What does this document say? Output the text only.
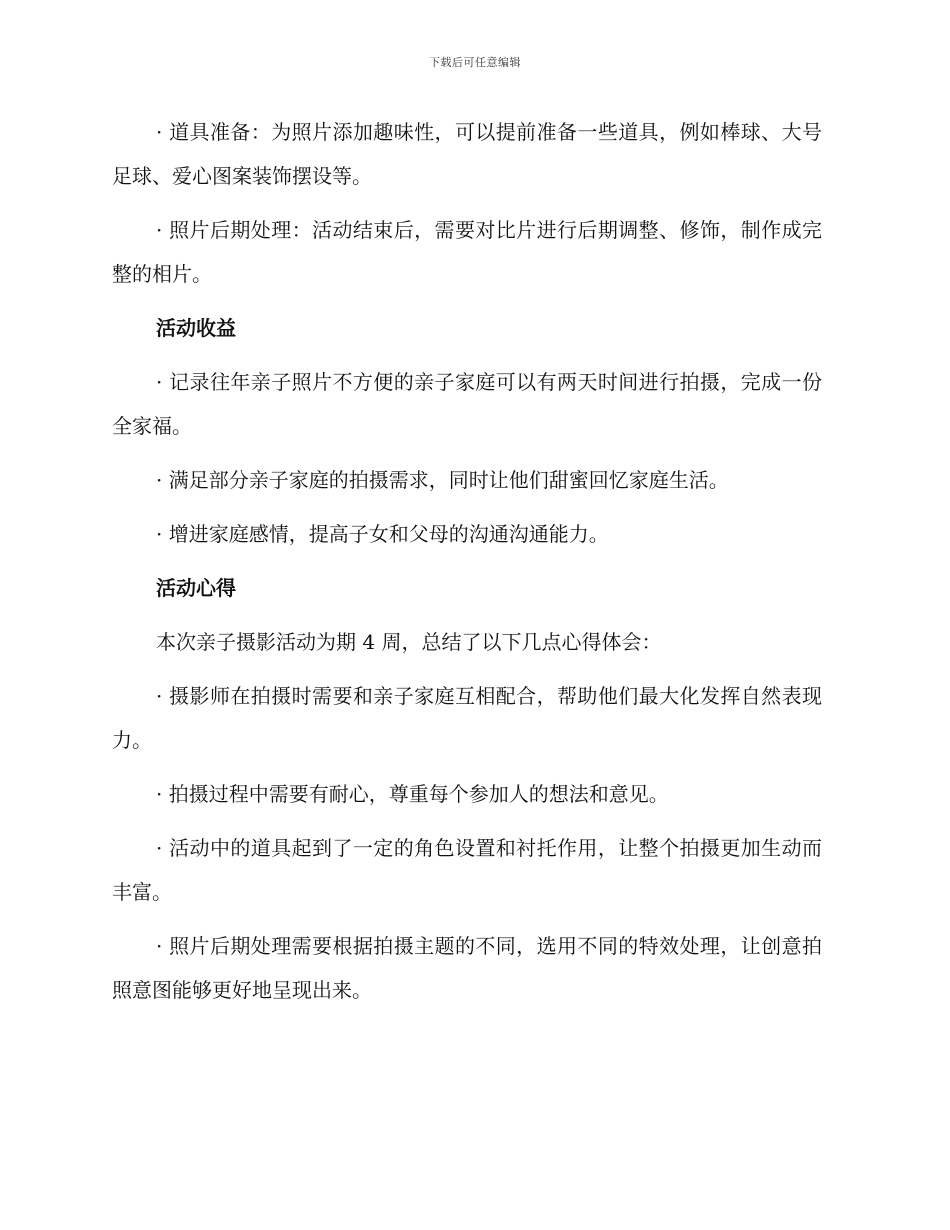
下载后可任意编辑

· 道具准备：为照片添加趣味性，可以提前准备一些道具，例如棒球、大号足球、爱心图案装饰摆设等。

· 照片后期处理：活动结束后，需要对比片进行后期调整、修饰，制作成完整的相片。

活动收益

· 记录往年亲子照片不方便的亲子家庭可以有两天时间进行拍摄，完成一份全家福。

· 满足部分亲子家庭的拍摄需求，同时让他们甜蜜回忆家庭生活。

· 增进家庭感情，提高子女和父母的沟通沟通能力。

活动心得

本次亲子摄影活动为期 4 周，总结了以下几点心得体会：

· 摄影师在拍摄时需要和亲子家庭互相配合，帮助他们最大化发挥自然表现力。

· 拍摄过程中需要有耐心，尊重每个参加人的想法和意见。

· 活动中的道具起到了一定的角色设置和衬托作用，让整个拍摄更加生动而丰富。

· 照片后期处理需要根据拍摄主题的不同，选用不同的特效处理，让创意拍照意图能够更好地呈现出来。
